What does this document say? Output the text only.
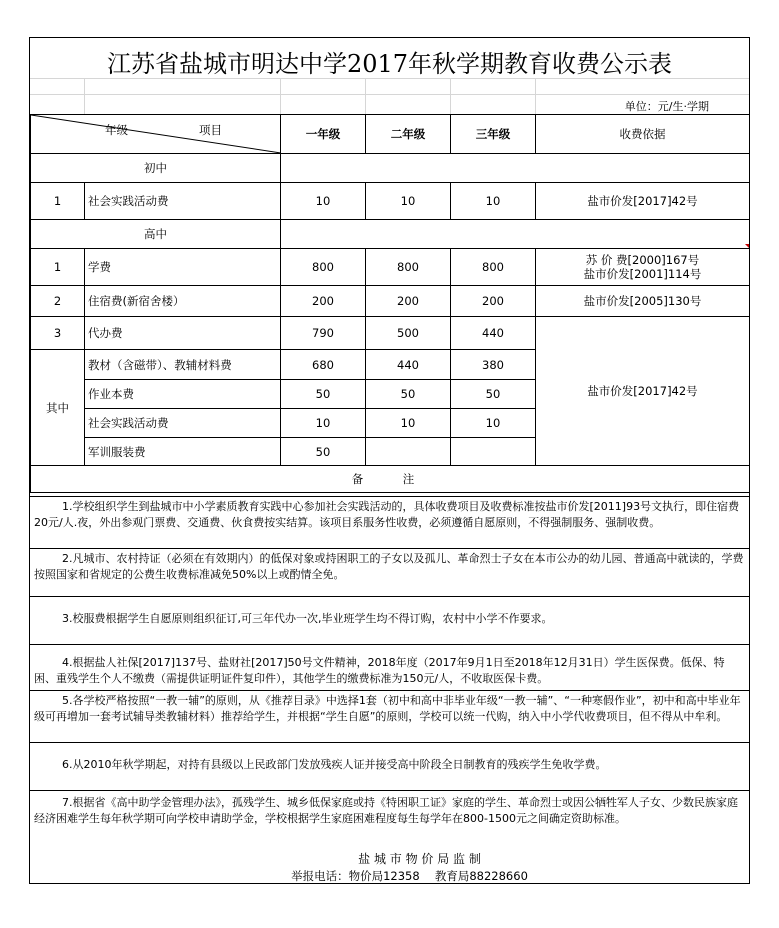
江苏省盐城市明达中学2017年秋学期教育收费公示表
单位：元/生·学期
年级 项目		一年级	二年级	三年级	收费依据
初中					
1	社会实践活动费	10	10	10	盐市价发[2017]42号
高中					
1	学费	800	800	800	苏 价 费[2000]167号
盐市价发[2001]114号

2	住宿费(新宿舍楼）	200	200	200	盐市价发[2005]130号
3	代办费	790	500	440	盐市价发[2017]42号
其中	教材（含磁带）、教辅材料费	680	440	380	
	作业本费	50	50	50	
	社会实践活动费	10	10	10	
	军训服装费	50			
备　注					
1.学校组织学生到盐城市中小学素质教育实践中心参加社会实践活动的，具体收费项目及收费标准按盐市价发[2011]93号文执行，即住宿费20元/人.夜，外出参观门票费、交通费、伙食费按实结算。该项目系服务性收费，必须遵循自愿原则，不得强制服务、强制收费。
2.凡城市、农村持证（必须在有效期内）的低保对象或持困职工的子女以及孤儿、革命烈士子女在本市公办的幼儿园、普通高中就读的，学费按照国家和省规定的公费生收费标准减免50%以上或酌情全免。
3.校服费根据学生自愿原则组织征订,可三年代办一次,毕业班学生均不得订购，农村中小学不作要求。
4.根据盐人社保[2017]137号、盐财社[2017]50号文件精神，2018年度（2017年9月1日至2018年12月31日）学生医保费。低保、特困、重残学生个人不缴费（需提供证明证件复印件），其他学生的缴费标准为150元/人，不收取医保卡费。
5.各学校严格按照“一教一辅”的原则，从《推荐目录》中选择1套（初中和高中非毕业年级“一教一辅”、“一种寒假作业”，初中和高中毕业年级可再增加一套考试辅导类教辅材料）推荐给学生，并根据“学生自愿”的原则，学校可以统一代购，纳入中小学代收费项目，但不得从中牟利。
6.从2010年秋学期起，对持有县级以上民政部门发放残疾人证并接受高中阶段全日制教育的残疾学生免收学费。
7.根据省《高中助学金管理办法》，孤残学生、城乡低保家庭或持《特困职工证》家庭的学生、革命烈士或因公牺牲军人子女、少数民族家庭经济困难学生每年秋学期可向学校申请助学金，学校根据学生家庭困难程度每生每学年在800-1500元之间确定资助标准。
盐 城 市 物 价 局 监 制
举报电话：物价局12358　 教育局88228660
